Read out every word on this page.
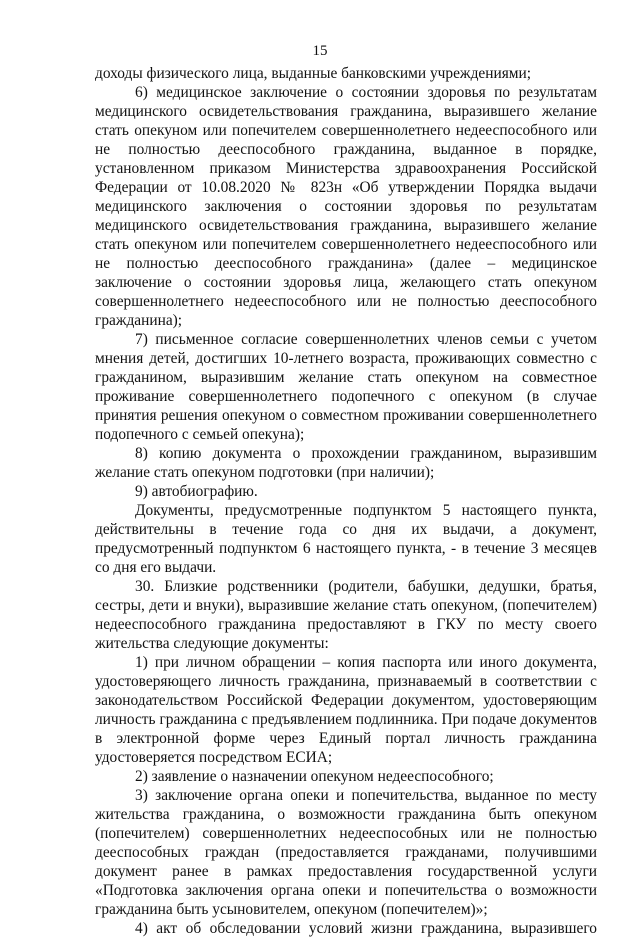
15

доходы физического лица, выданные банковскими учреждениями;

6) медицинское заключение о состоянии здоровья по результатам медицинского освидетельствования гражданина, выразившего желание стать опекуном или попечителем совершеннолетнего недееспособного или не полностью дееспособного гражданина, выданное в порядке, установленном приказом Министерства здравоохранения Российской Федерации от 10.08.2020 № 823н «Об утверждении Порядка выдачи медицинского заключения о состоянии здоровья по результатам медицинского освидетельствования гражданина, выразившего желание стать опекуном или попечителем совершеннолетнего недееспособного или не полностью дееспособного гражданина» (далее – медицинское заключение о состоянии здоровья лица, желающего стать опекуном совершеннолетнего недееспособного или не полностью дееспособного гражданина);

7) письменное согласие совершеннолетних членов семьи с учетом мнения детей, достигших 10-летнего возраста, проживающих совместно с гражданином, выразившим желание стать опекуном на совместное проживание совершеннолетнего подопечного с опекуном (в случае принятия решения опекуном о совместном проживании совершеннолетнего подопечного с семьей опекуна);

8) копию документа о прохождении гражданином, выразившим желание стать опекуном подготовки (при наличии);

9) автобиографию.

Документы, предусмотренные подпунктом 5 настоящего пункта, действительны в течение года со дня их выдачи, а документ, предусмотренный подпунктом 6 настоящего пункта, - в течение 3 месяцев со дня его выдачи.

30. Близкие родственники (родители, бабушки, дедушки, братья, сестры, дети и внуки), выразившие желание стать опекуном, (попечителем) недееспособного гражданина предоставляют в ГКУ по месту своего жительства следующие документы:

1) при личном обращении – копия паспорта или иного документа, удостоверяющего личность гражданина, признаваемый в соответствии с законодательством Российской Федерации документом, удостоверяющим личность гражданина с предъявлением подлинника. При подаче документов в электронной форме через Единый портал личность гражданина удостоверяется посредством ЕСИА;

2) заявление о назначении опекуном недееспособного;

3) заключение органа опеки и попечительства, выданное по месту жительства гражданина, о возможности гражданина быть опекуном (попечителем) совершеннолетних недееспособных или не полностью дееспособных граждан (предоставляется гражданами, получившими документ ранее в рамках предоставления государственной услуги «Подготовка заключения органа опеки и попечительства о возможности гражданина быть усыновителем, опекуном (попечителем)»;

4) акт об обследовании условий жизни гражданина, выразившего
